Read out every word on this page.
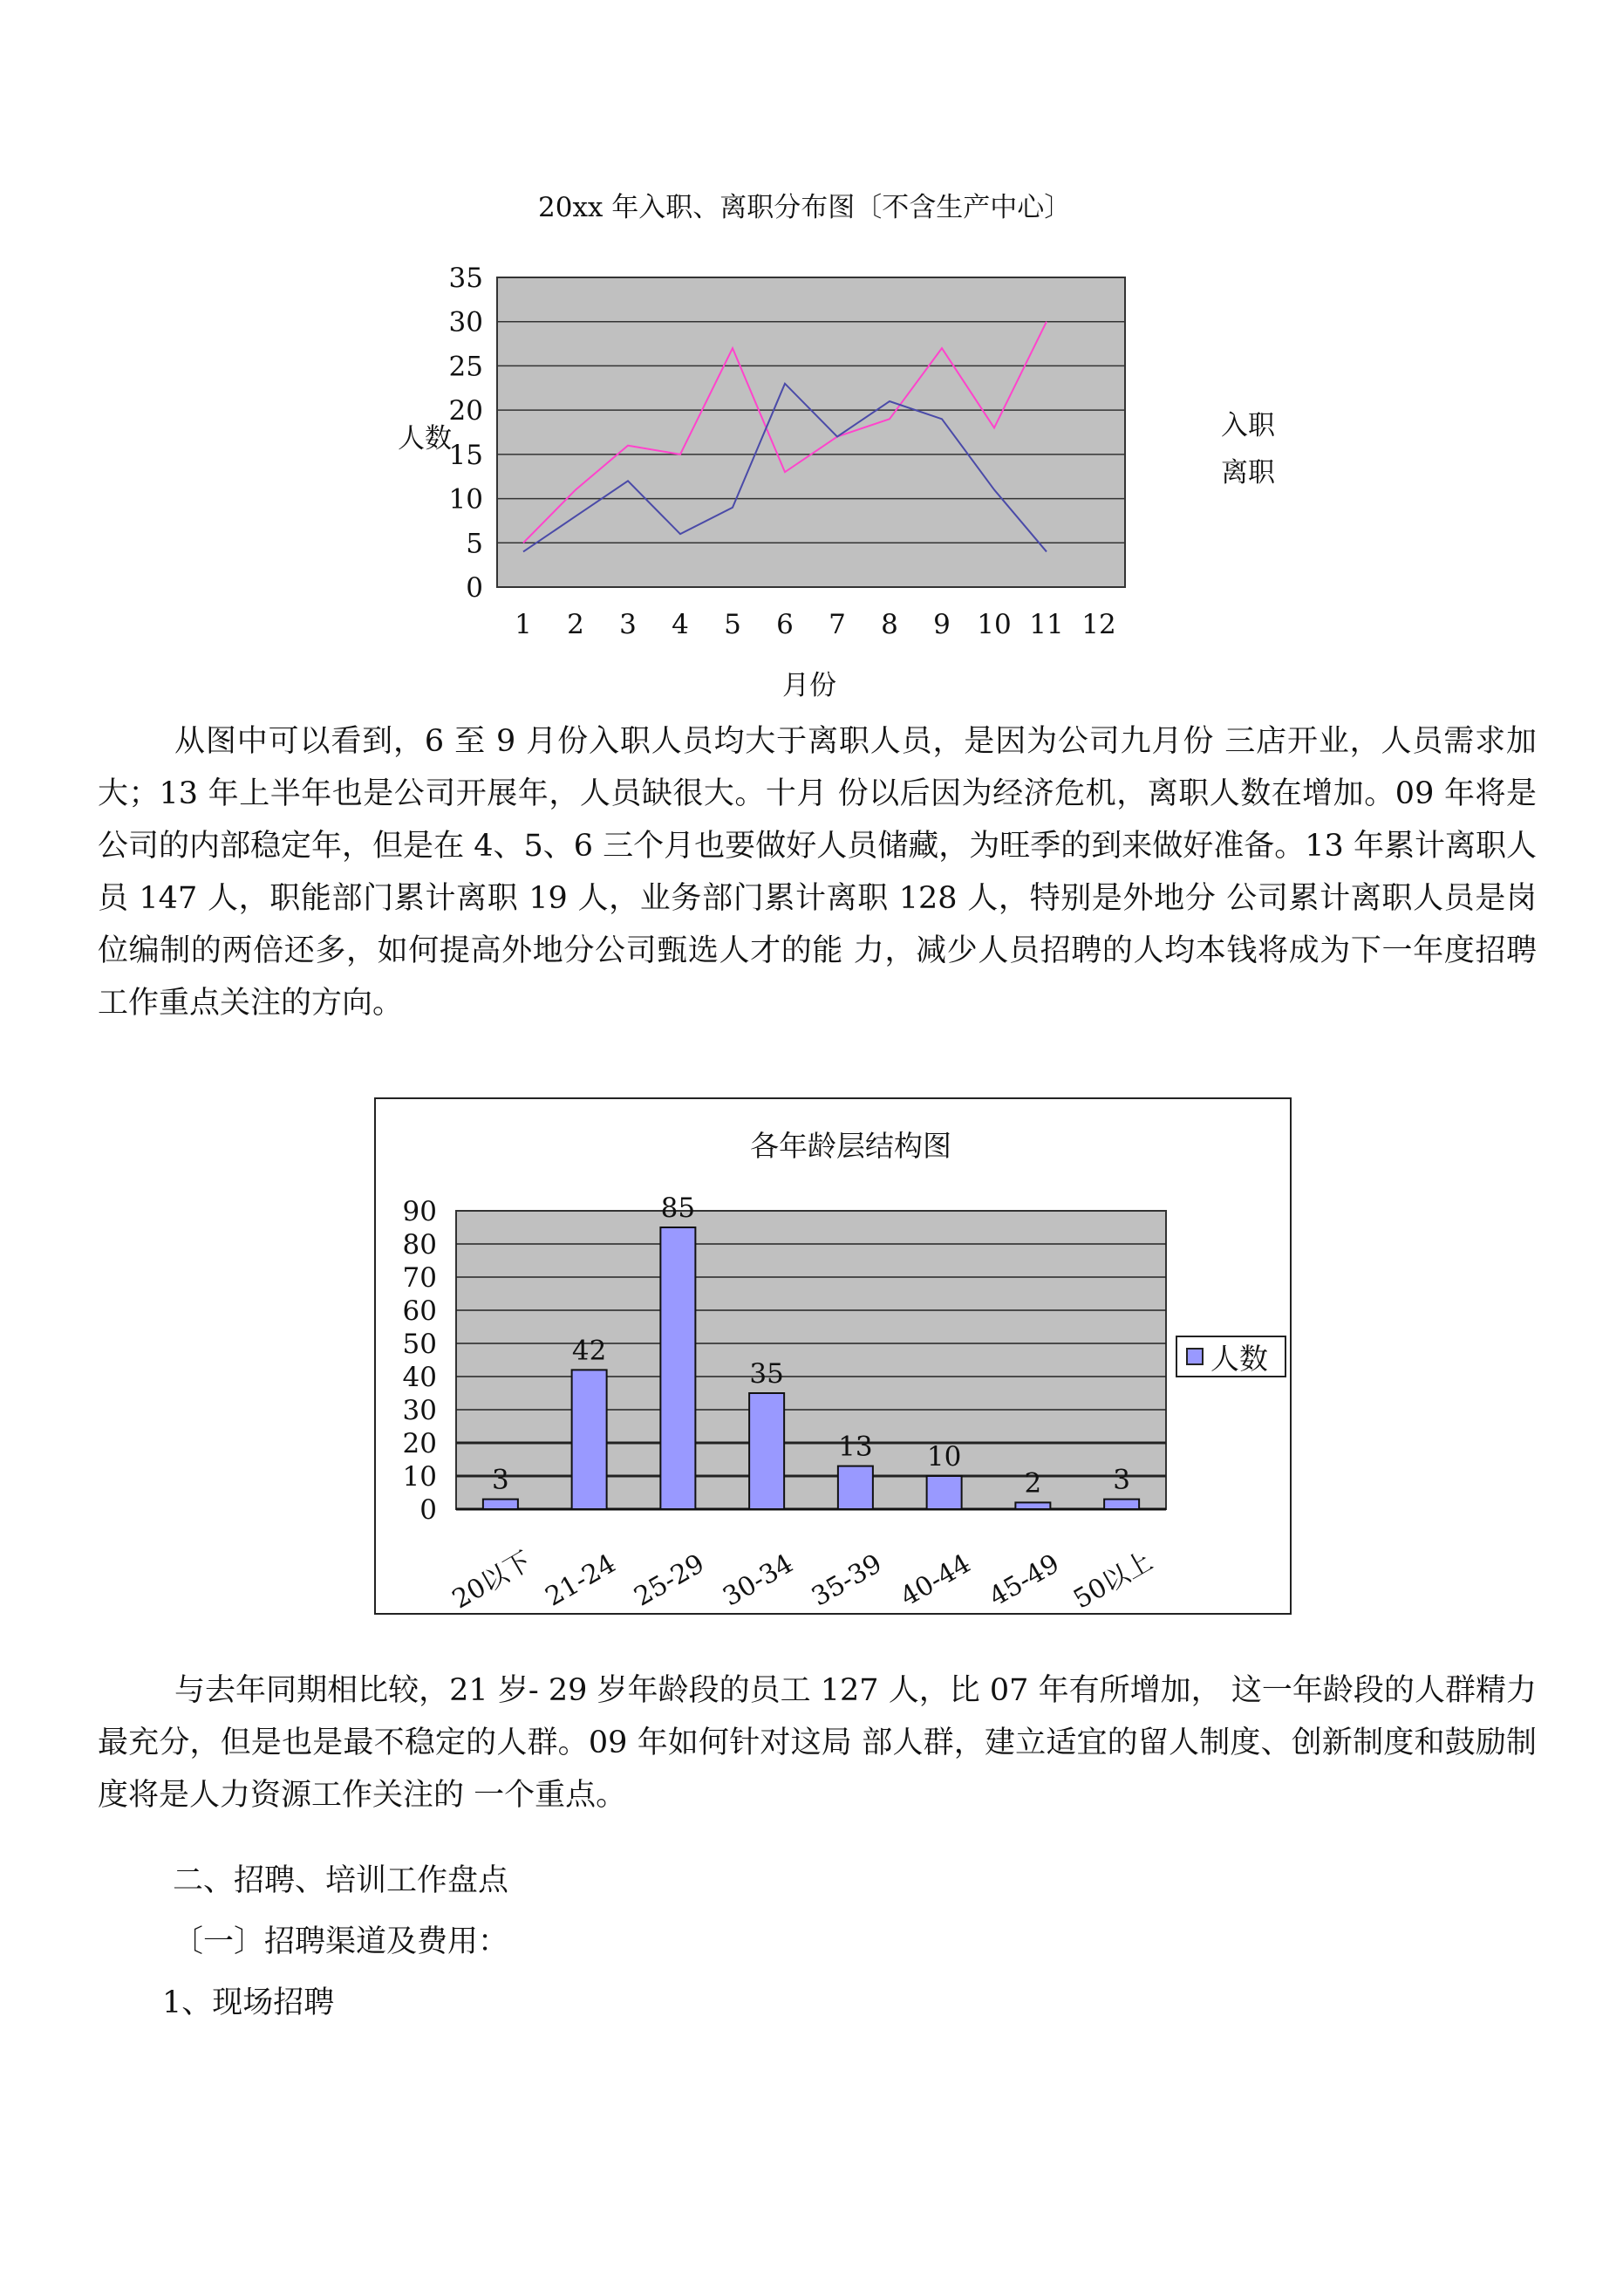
20xx 年入职、离职分布图〔不含生产中心〕
0
5
10
15
20
25
30
35
1 2 3 4 5 6 7 8 9 10 11 12
人数
月份
入职
离职

从图中可以看到，6 至 9 月份入职人员均大于离职人员，是因为公司九月份 三店开业，人员需求加大；13 年上半年也是公司开展年，人员缺很大。十月 份以后因为经济危机，离职人数在增加。09 年将是公司的内部稳定年，但是在 4、5、6 三个月也要做好人员储藏，为旺季的到来做好准备。13 年累计离职人 员 147 人，职能部门累计离职 19 人，业务部门累计离职 128 人，特别是外地分 公司累计离职人员是岗位编制的两倍还多，如何提高外地分公司甄选人才的能 力，减少人员招聘的人均本钱将成为下一年度招聘工作重点关注的方向。

各年龄层结构图
0
10
20
30
40
50
60
70
80
90
3
42
85
35
13 10
2	3
20以下 21-24 25-29 30-34 35-39 40-44 45-49 50以上
人数

与去年同期相比较，21 岁- 29 岁年龄段的员工 127 人，比 07 年有所增加， 这一年龄段的人群精力最充分，但是也是最不稳定的人群。09 年如何针对这局 部人群，建立适宜的留人制度、创新制度和鼓励制度将是人力资源工作关注的 一个重点。

二、招聘、培训工作盘点

〔一〕招聘渠道及费用：

1、现场招聘
